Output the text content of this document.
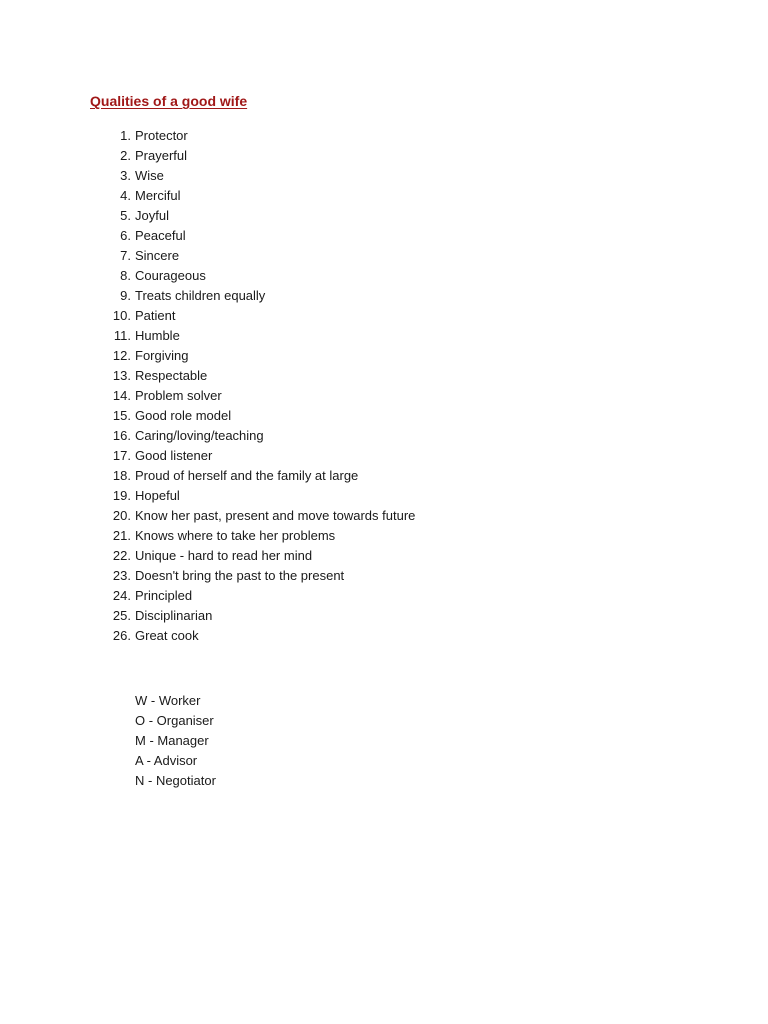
Qualities of a good wife
1. Protector
2. Prayerful
3. Wise
4. Merciful
5. Joyful
6. Peaceful
7. Sincere
8. Courageous
9. Treats children equally
10. Patient
11. Humble
12. Forgiving
13. Respectable
14. Problem solver
15. Good role model
16. Caring/loving/teaching
17. Good listener
18. Proud of herself and the family at large
19. Hopeful
20. Know her past, present and move towards future
21. Knows where to take her problems
22. Unique - hard to read her mind
23. Doesn't bring the past to the present
24. Principled
25. Disciplinarian
26. Great cook
W - Worker
O - Organiser
M - Manager
A - Advisor
N - Negotiator
